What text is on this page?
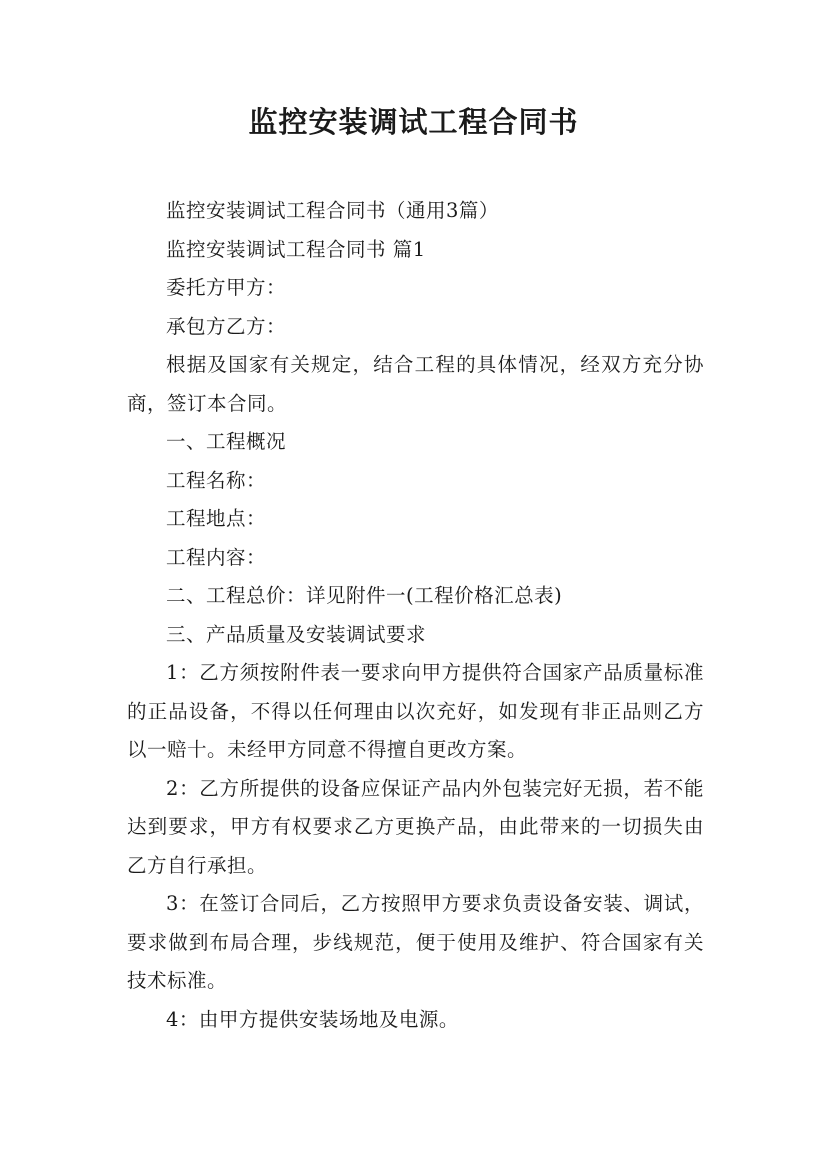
监控安装调试工程合同书

监控安装调试工程合同书（通用3篇）

监控安装调试工程合同书 篇1

委托方甲方：

承包方乙方：

根据及国家有关规定，结合工程的具体情况，经双方充分协商，签订本合同。

一、工程概况

工程名称：

工程地点：

工程内容：

二、工程总价：详见附件一(工程价格汇总表)

三、产品质量及安装调试要求

1：乙方须按附件表一要求向甲方提供符合国家产品质量标准的正品设备，不得以任何理由以次充好，如发现有非正品则乙方以一赔十。未经甲方同意不得擅自更改方案。

2：乙方所提供的设备应保证产品内外包装完好无损，若不能达到要求，甲方有权要求乙方更换产品，由此带来的一切损失由乙方自行承担。

3：在签订合同后，乙方按照甲方要求负责设备安装、调试，要求做到布局合理，步线规范，便于使用及维护、符合国家有关技术标准。

4：由甲方提供安装场地及电源。
